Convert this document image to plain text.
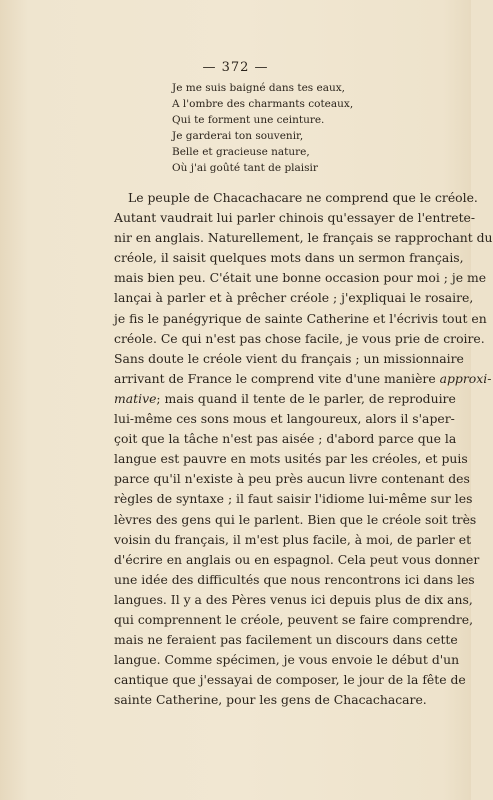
— 372 —
Je me suis baigné dans tes eaux,
A l'ombre des charmants coteaux,
Qui te forment une ceinture.
Je garderai ton souvenir,
Belle et gracieuse nature,
Où j'ai goûté tant de plaisir
Le peuple de Chacachacare ne comprend que le créole.
Autant vaudrait lui parler chinois qu'essayer de l'entrete-
nir en anglais. Naturellement, le français se rapprochant du
créole, il saisit quelques mots dans un sermon français,
mais bien peu. C'était une bonne occasion pour moi ; je me
lançai à parler et à prêcher créole ; j'expliquai le rosaire,
je fis le panégyrique de sainte Catherine et l'écrivis tout en
créole. Ce qui n'est pas chose facile, je vous prie de croire.
Sans doute le créole vient du français ; un missionnaire
arrivant de France le comprend vite d'une manière approxi-
mative; mais quand il tente de le parler, de reproduire
lui-même ces sons mous et langoureux, alors il s'aper-
çoit que la tâche n'est pas aisée ; d'abord parce que la
langue est pauvre en mots usités par les créoles, et puis
parce qu'il n'existe à peu près aucun livre contenant des
règles de syntaxe ; il faut saisir l'idiome lui-même sur les
lèvres des gens qui le parlent. Bien que le créole soit très
voisin du français, il m'est plus facile, à moi, de parler et
d'écrire en anglais ou en espagnol. Cela peut vous donner
une idée des difficultés que nous rencontrons ici dans les
langues. Il y a des Pères venus ici depuis plus de dix ans,
qui comprennent le créole, peuvent se faire comprendre,
mais ne feraient pas facilement un discours dans cette
langue. Comme spécimen, je vous envoie le début d'un
cantique que j'essayai de composer, le jour de la fête de
sainte Catherine, pour les gens de Chacachacare.
